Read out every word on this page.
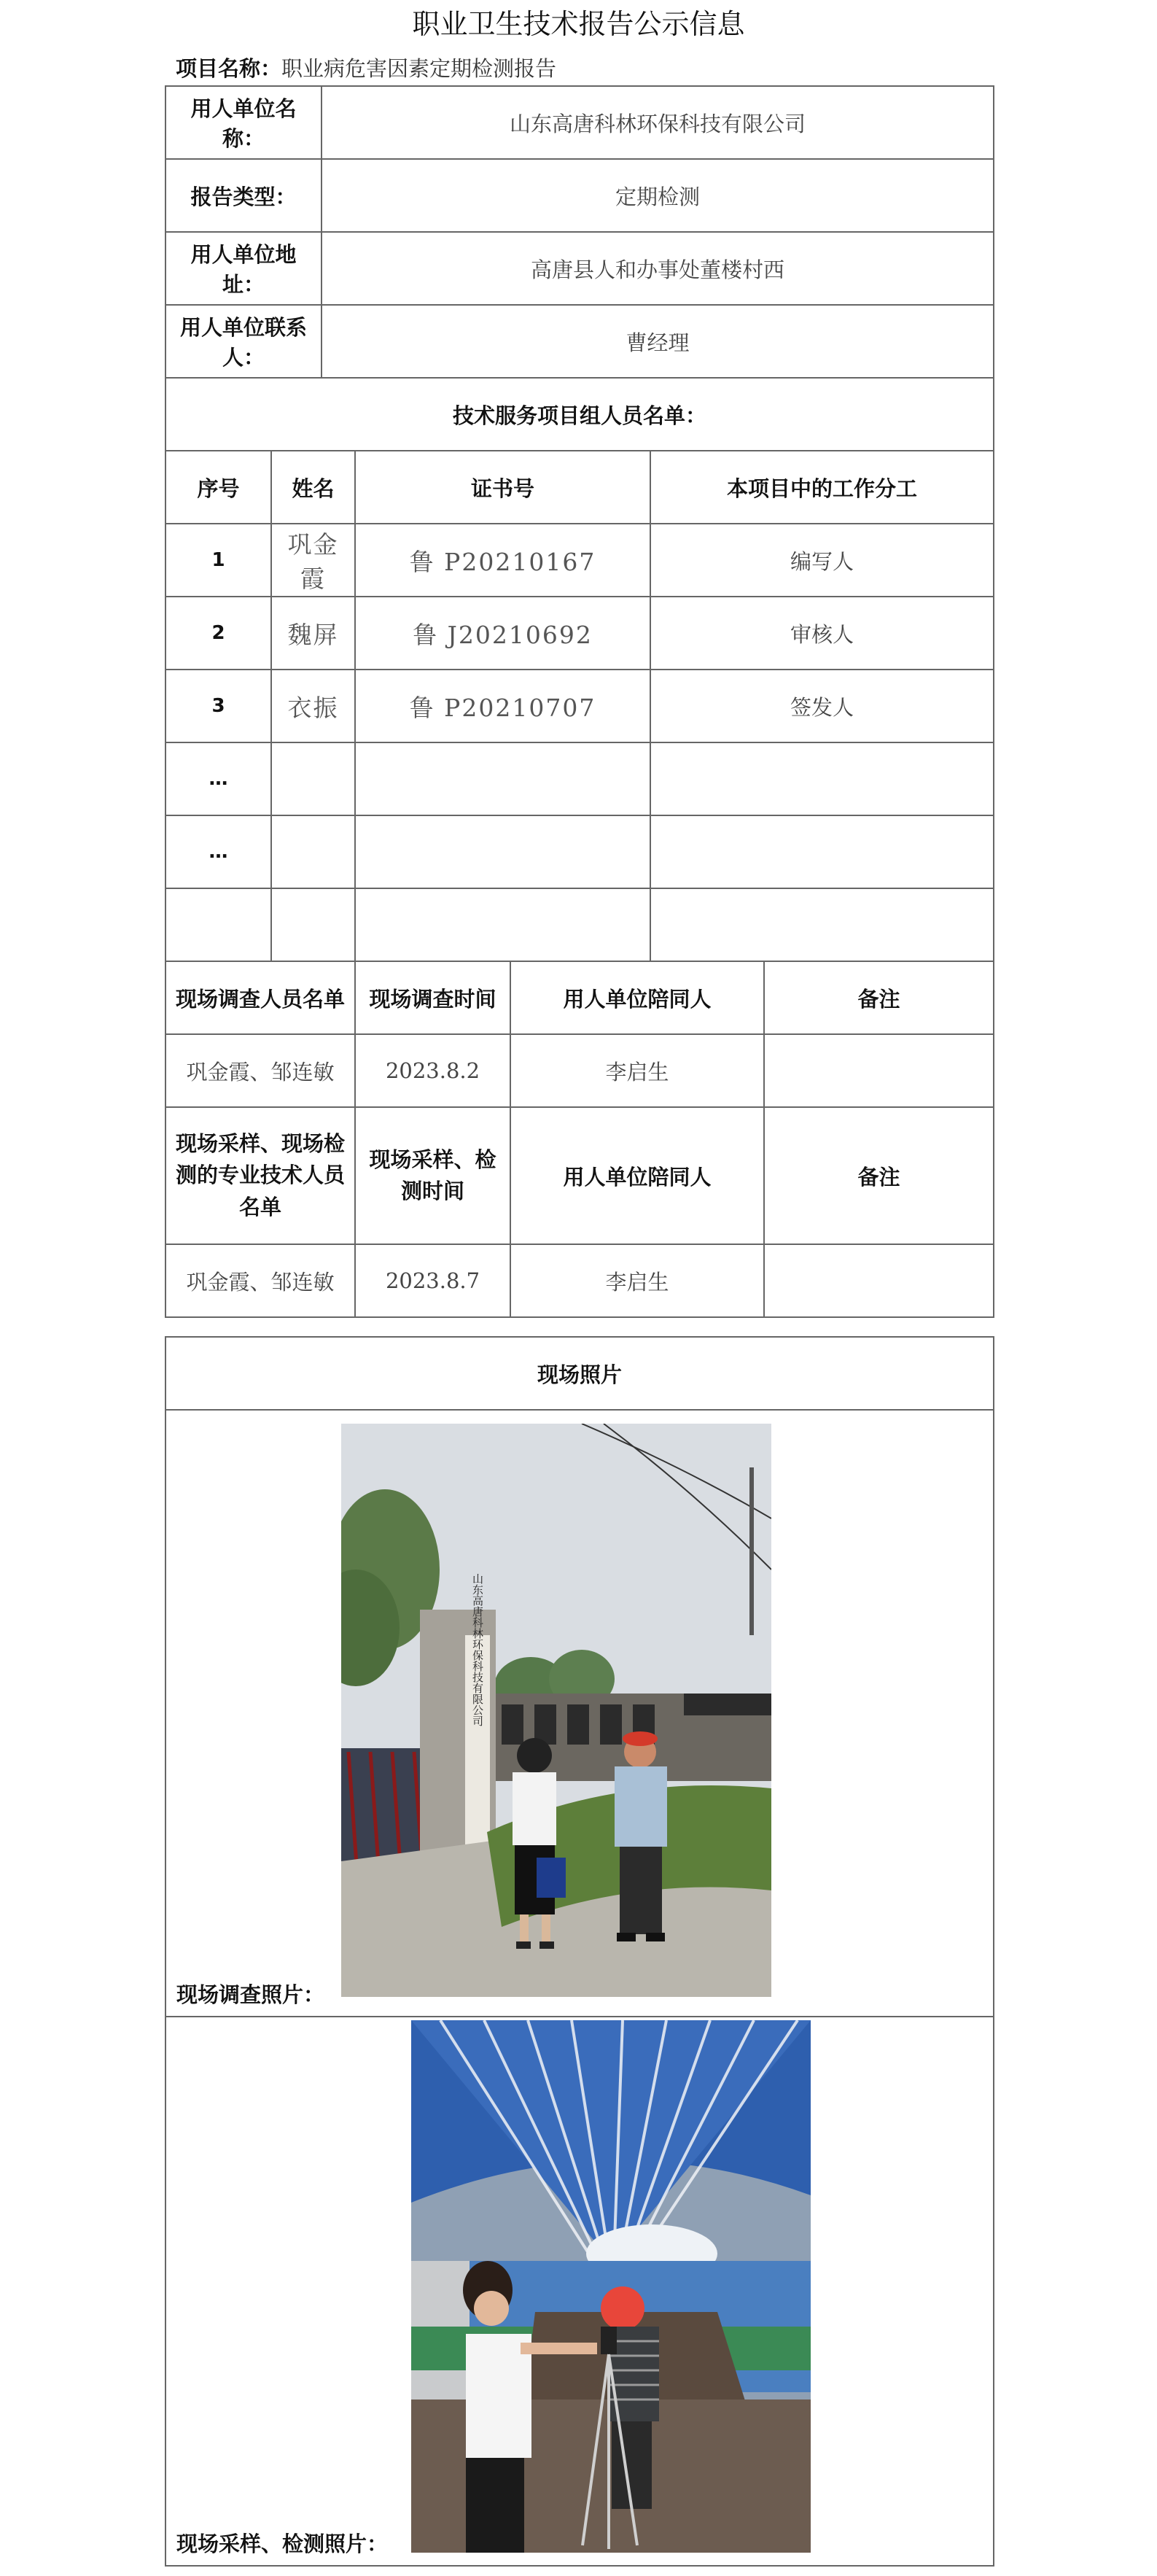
职业卫生技术报告公示信息
项目名称：职业病危害因素定期检测报告
用人单位名称：		山东高唐科林环保科技有限公司				
报告类型：		定期检测				
用人单位地址：		高唐县人和办事处董楼村西				
用人单位联系人：		曹经理				
技术服务项目组人员名单：						
序号	姓名		证书号		本项目中的工作分工	
1	巩金霞		鲁 P20210167		编写人	
2	魏屏		鲁 J20210692		审核人	
3	衣振		鲁 P20210707		签发人	
…						
…						

现场调查人员名单			现场调查时间	用人单位陪同人		备注
巩金霞、邹连敏			2023.8.2	李启生		
现场采样、现场检测的专业技术人员名单			现场采样、检测时间	用人单位陪同人		备注
巩金霞、邹连敏			2023.8.7	李启生		
现场照片

山东高唐科林环保科技有限公司
现场调查照片：

现场采样、检测照片：
